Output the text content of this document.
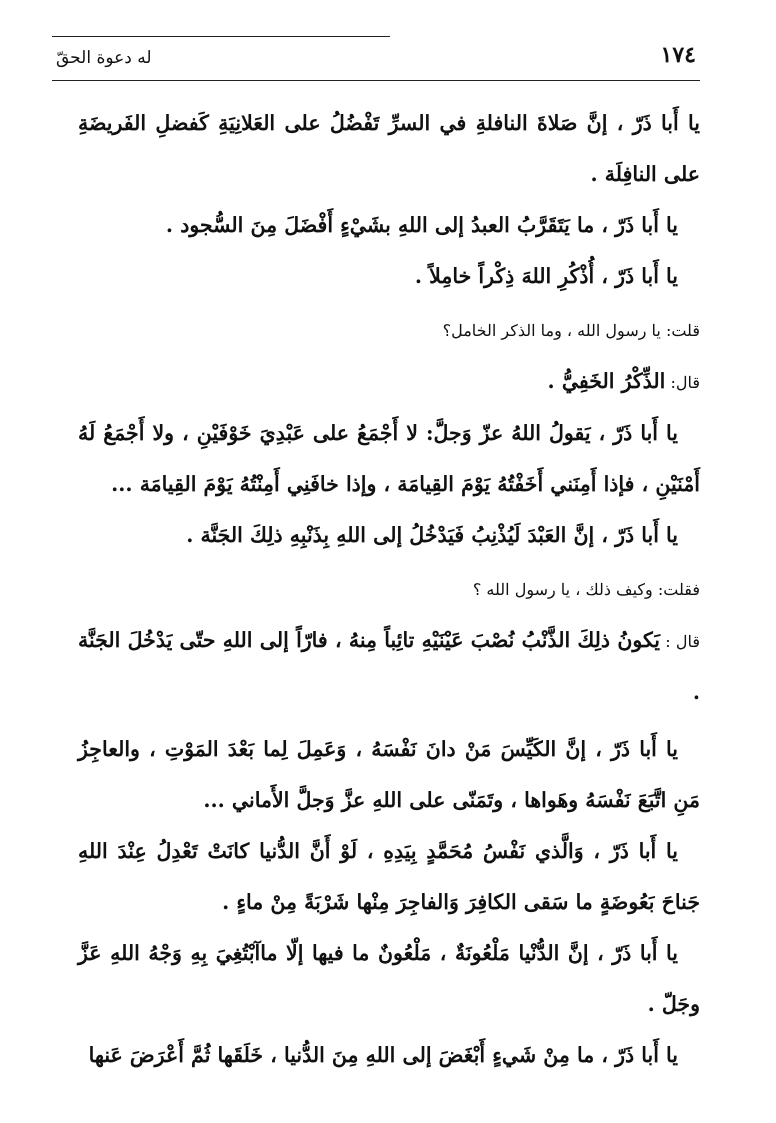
له دعوة الحقّ	١٧٤

يا أَبا ذَرّ ، إنَّ صَلاةَ النافلةِ في السرِّ تَفْضُلُ على العَلانِيَةِ كَفضلِ الفَريضَةِ على النافِلَة .

يا أَبا ذَرّ ، ما يَتَقَرَّبُ العبدُ إلى اللهِ بشَيْءٍ أَفْضَلَ مِنَ السُّجود .

يا أَبا ذَرّ ، أُذْكُرِ اللهَ ذِكْراً خامِلاً .

قلت: يا رسول الله ، وما الذكر الخامل؟

قال: الذِّكْرُ الخَفِيُّ .

يا أَبا ذَرّ ، يَقولُ اللهُ عزّ وَجلَّ: لا أَجْمَعُ على عَبْدِيَ خَوْفَيْنِ ، ولا أَجْمَعُ لَهُ أَمْنَيْنِ ، فإذا أَمِنَني أَخَفْتُهُ يَوْمَ القِيامَة ، وإذا خافَنِي أَمِنْتُهُ يَوْمَ القِيامَة ...

يا أَبا ذَرّ ، إنَّ العَبْدَ لَيُذْنِبُ فَيَدْخُلُ إلى اللهِ بِذَنْبِهِ ذلِكَ الجَنَّة .

فقلت: وكيف ذلك ، يا رسول الله ؟

قال : يَكونُ ذلِكَ الذَّنْبُ نُصْبَ عَيْنَيْهِ تائِباً مِنهُ ، فارّاً إلى اللهِ حتّى يَدْخُلَ الجَنَّة .

يا أَبا ذَرّ ، إنَّ الكَيِّسَ مَنْ دانَ نَفْسَهُ ، وَعَمِلَ لِما بَعْدَ المَوْتِ ، والعاجِزُ مَنِ اتَّبَعَ نَفْسَهُ وهَواها ، وتَمَنّى على اللهِ عزَّ وَجلَّ الأَماني ...

يا أَبا ذَرّ ، وَالَّذي نَفْسُ مُحَمَّدٍ بِيَدِهِ ، لَوْ أَنَّ الدُّنيا كانَتْ تَعْدِلُ عِنْدَ اللهِ جَناحَ بَعُوضَةٍ ما سَقى الكافِرَ وَالفاجِرَ مِنْها شَرْبَةً مِنْ ماءٍ .

يا أَبا ذَرّ ، إنَّ الدُّنْيا مَلْعُونَةٌ ، مَلْعُونٌ ما فيها إلّا ماآبْتُغِيَ بِهِ وَجْهُ اللهِ عَزَّ وجَلّ .

يا أَبا ذَرّ ، ما مِنْ شَيءٍ أَبْغَضَ إلى اللهِ مِنَ الدُّنيا ، خَلَقَها ثُمَّ أَعْرَضَ عَنها
